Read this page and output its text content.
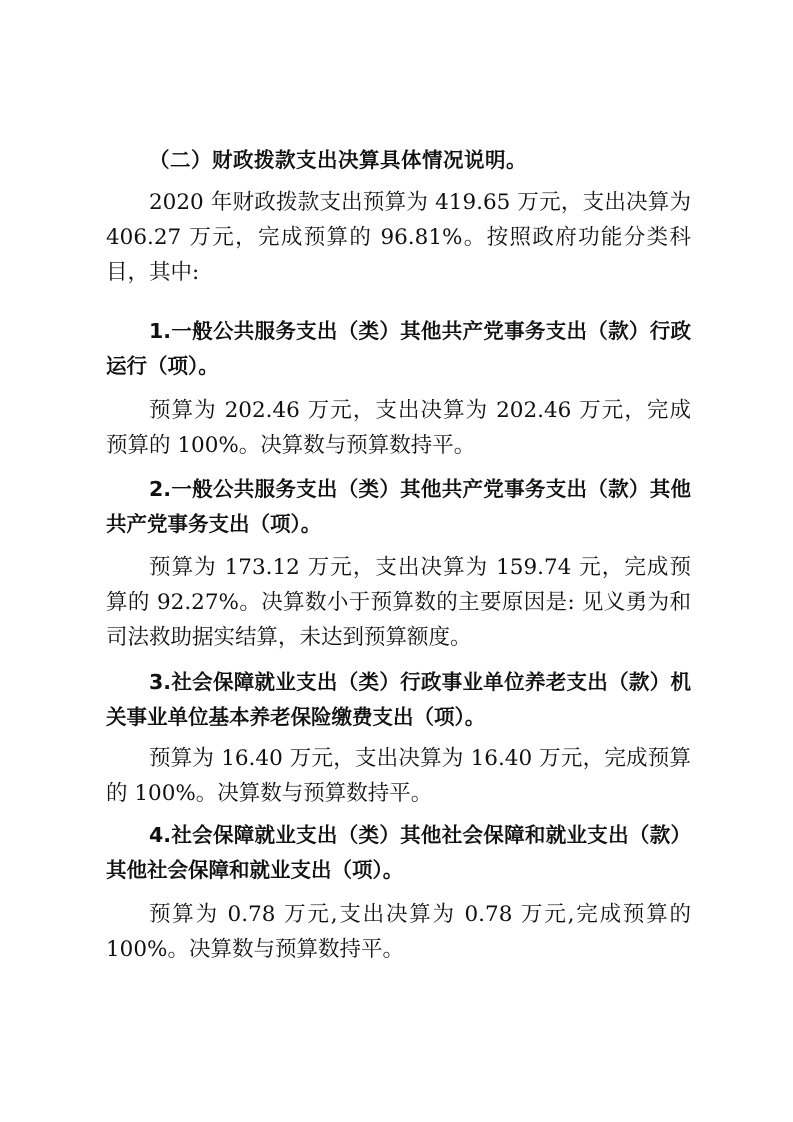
（二）财政拨款支出决算具体情况说明。

2020 年财政拨款支出预算为 419.65 万元，支出决算为 406.27 万元，完成预算的 96.81%。按照政府功能分类科目，其中:

1.一般公共服务支出（类）其他共产党事务支出（款）行政运行（项）。

预算为 202.46 万元，支出决算为 202.46 万元，完成预算的 100%。决算数与预算数持平。

2.一般公共服务支出（类）其他共产党事务支出（款）其他共产党事务支出（项）。

预算为 173.12 万元，支出决算为 159.74 元，完成预算的 92.27%。决算数小于预算数的主要原因是: 见义勇为和司法救助据实结算，未达到预算额度。

3.社会保障就业支出（类）行政事业单位养老支出（款）机关事业单位基本养老保险缴费支出（项）。

预算为 16.40 万元，支出决算为 16.40 万元，完成预算的 100%。决算数与预算数持平。

4.社会保障就业支出（类）其他社会保障和就业支出（款）其他社会保障和就业支出（项）。

预算为 0.78 万元,支出决算为 0.78 万元,完成预算的 100%。决算数与预算数持平。
